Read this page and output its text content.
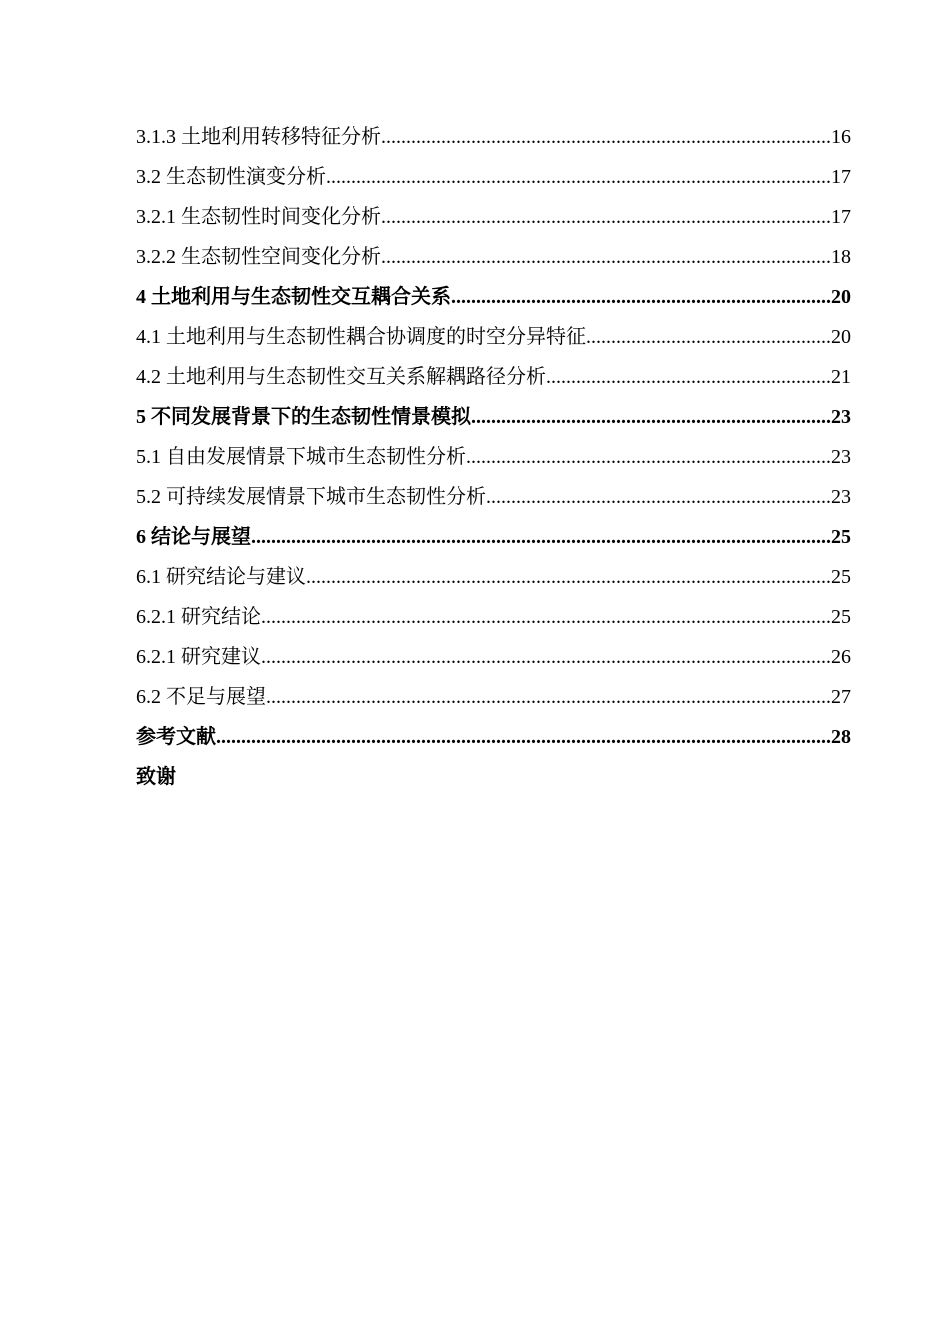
3.1.3 土地利用转移特征分析 .....	16
3.2 生态韧性演变分析 .....	17
3.2.1 生态韧性时间变化分析 .....	17
3.2.2 生态韧性空间变化分析 .....	18
4 土地利用与生态韧性交互耦合关系 .....	20
4.1 土地利用与生态韧性耦合协调度的时空分异特征 .....	20
4.2 土地利用与生态韧性交互关系解耦路径分析 .....	21
5 不同发展背景下的生态韧性情景模拟 .....	23
5.1 自由发展情景下城市生态韧性分析 .....	23
5.2 可持续发展情景下城市生态韧性分析 .....	23
6 结论与展望 .....	25
6.1 研究结论与建议 .....	25
6.2.1 研究结论 .....	25
6.2.1 研究建议 .....	26
6.2 不足与展望 .....	27
参考文献 .....	28
致谢
